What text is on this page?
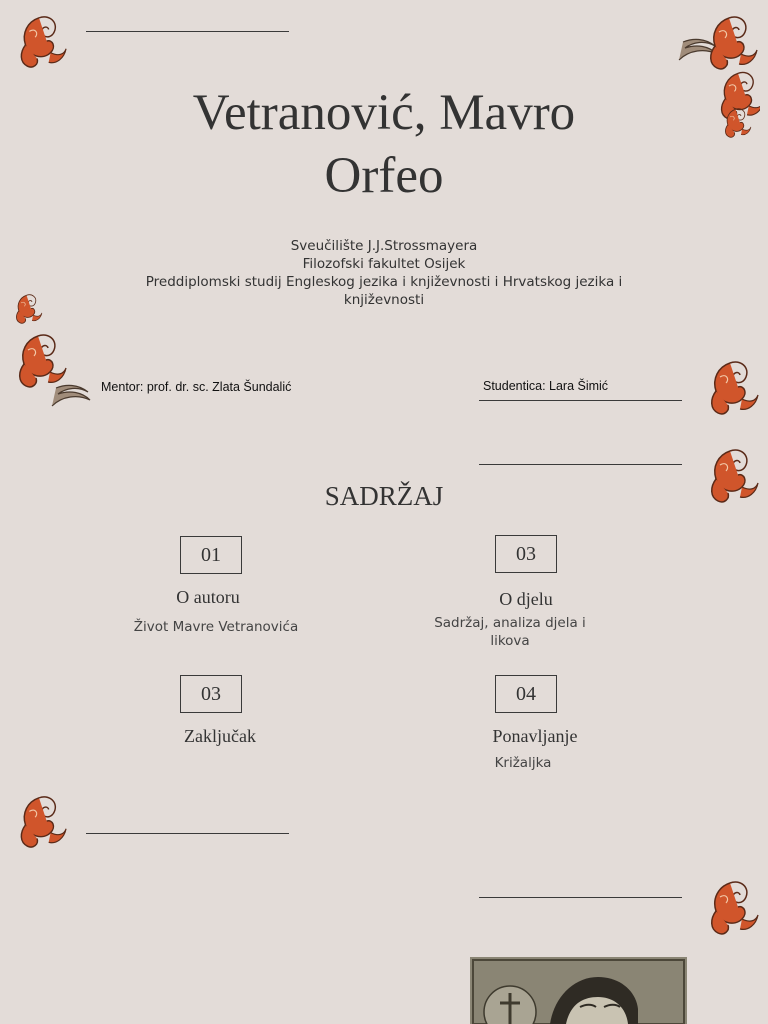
Vetranović, Mavro
Orfeo
Sveučilište J.J.Strossmayera
Filozofski fakultet Osijek
Preddiplomski studij Engleskog jezika i književnosti i Hrvatskog jezika i književnosti
Mentor: prof. dr. sc. Zlata Šundalić	Studentica: Lara Šimić
SADRŽAJ
01
O autoru
Život Mavre Vetranovića
03
O djelu
Sadržaj, analiza djela i likova
03
Zaključak
04
Ponavljanje
Križaljka
